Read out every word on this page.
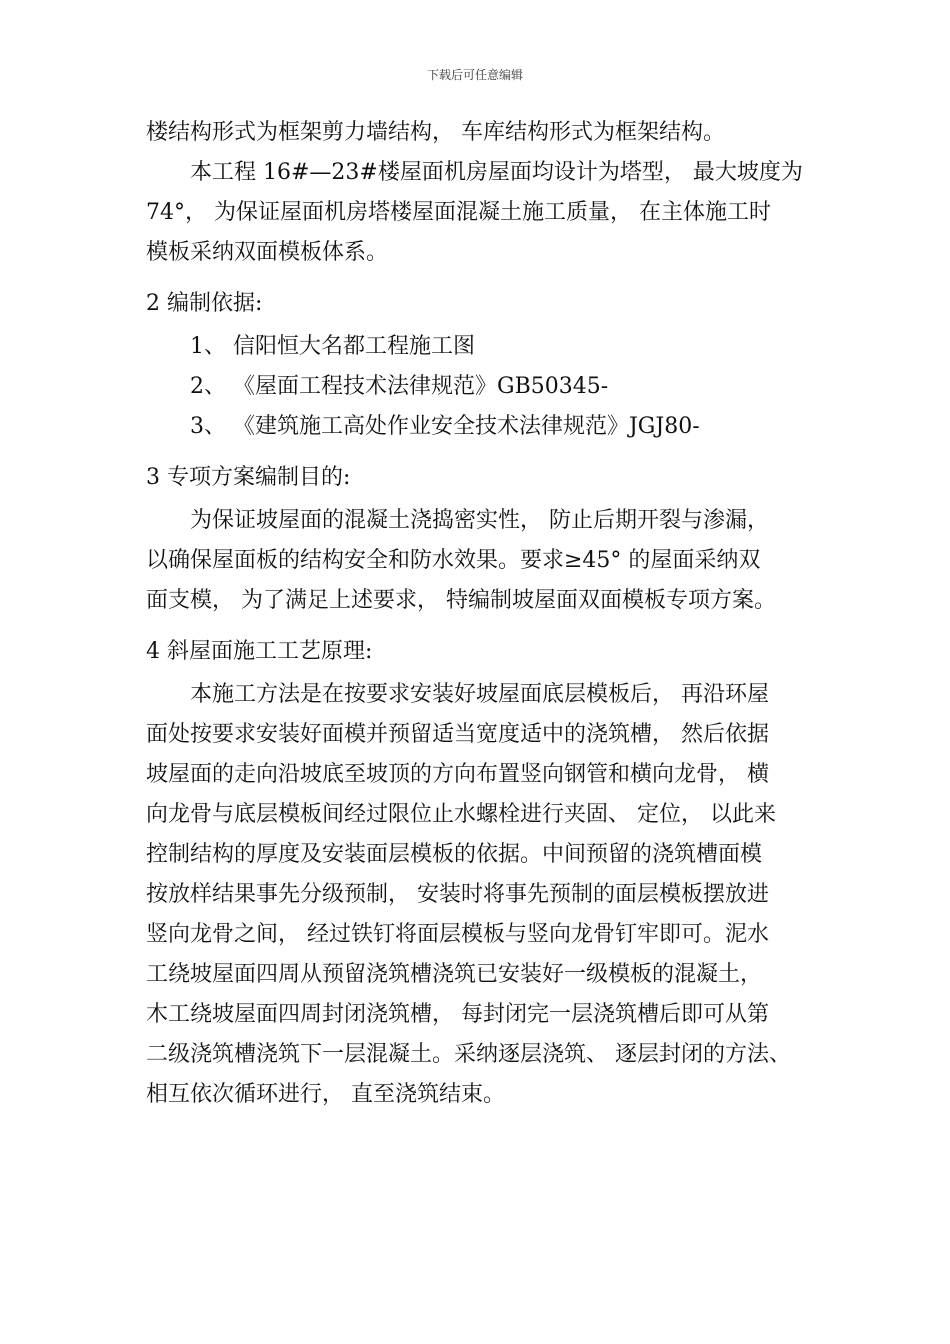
下载后可任意编辑
楼结构形式为框架剪力墙结构， 车库结构形式为框架结构。
本工程 16#—23#楼屋面机房屋面均设计为塔型， 最大坡度为
74°， 为保证屋面机房塔楼屋面混凝土施工质量， 在主体施工时
模板采纳双面模板体系。
2 编制依据:
1、 信阳恒大名都工程施工图
2、 《屋面工程技术法律规范》GB50345-
3、 《建筑施工高处作业安全技术法律规范》JGJ80-
3 专项方案编制目的:
为保证坡屋面的混凝土浇捣密实性， 防止后期开裂与渗漏，
以确保屋面板的结构安全和防水效果。要求≥45° 的屋面采纳双
面支模， 为了满足上述要求， 特编制坡屋面双面模板专项方案。
4 斜屋面施工工艺原理:
本施工方法是在按要求安装好坡屋面底层模板后， 再沿环屋
面处按要求安装好面模并预留适当宽度适中的浇筑槽， 然后依据
坡屋面的走向沿坡底至坡顶的方向布置竖向钢管和横向龙骨， 横
向龙骨与底层模板间经过限位止水螺栓进行夹固、 定位， 以此来
控制结构的厚度及安装面层模板的依据。中间预留的浇筑槽面模
按放样结果事先分级预制， 安装时将事先预制的面层模板摆放进
竖向龙骨之间， 经过铁钉将面层模板与竖向龙骨钉牢即可。泥水
工绕坡屋面四周从预留浇筑槽浇筑已安装好一级模板的混凝土，
木工绕坡屋面四周封闭浇筑槽， 每封闭完一层浇筑槽后即可从第
二级浇筑槽浇筑下一层混凝土。采纳逐层浇筑、 逐层封闭的方法、
相互依次循环进行， 直至浇筑结束。
